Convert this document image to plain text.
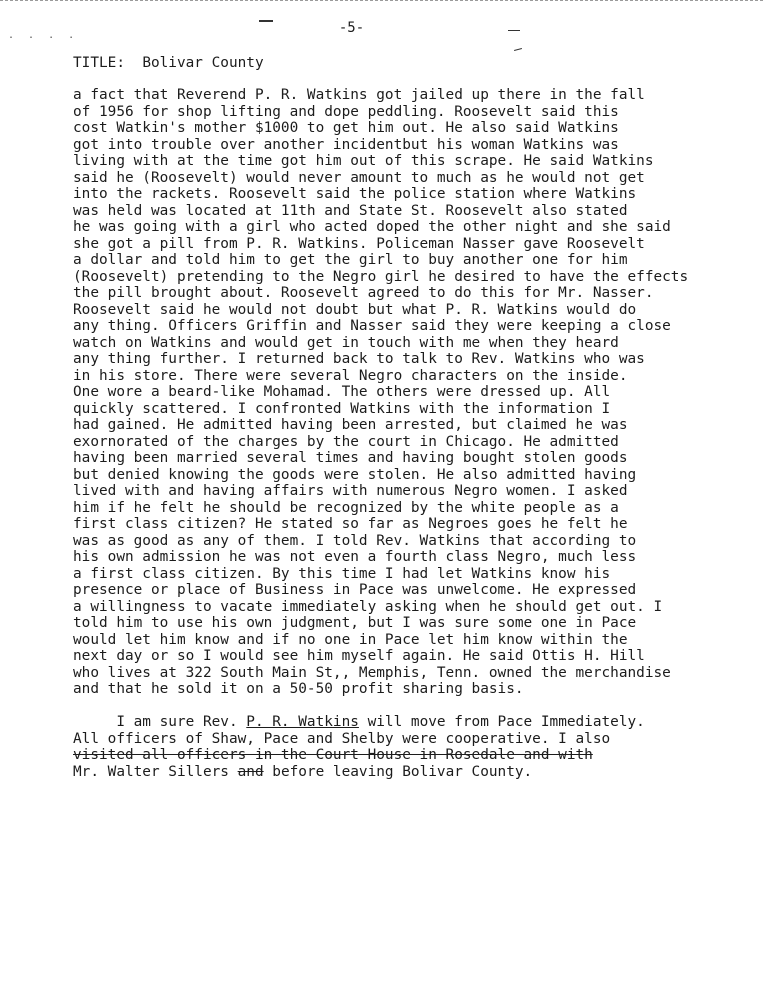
. . . .	-5-
TITLE: Bolivar County
a fact that Reverend P. R. Watkins got jailed up there in the fall
of 1956 for shop lifting and dope peddling. Roosevelt said this
cost Watkin's mother $1000 to get him out. He also said Watkins
got into trouble over another incidentbut his woman Watkins was
living with at the time got him out of this scrape. He said Watkins
said he (Roosevelt) would never amount to much as he would not get
into the rackets. Roosevelt said the police station where Watkins
was held was located at 11th and State St. Roosevelt also stated
he was going with a girl who acted doped the other night and she said
she got a pill from P. R. Watkins. Policeman Nasser gave Roosevelt
a dollar and told him to get the girl to buy another one for him
(Roosevelt) pretending to the Negro girl he desired to have the effects
the pill brought about. Roosevelt agreed to do this for Mr. Nasser.
Roosevelt said he would not doubt but what P. R. Watkins would do
any thing. Officers Griffin and Nasser said they were keeping a close
watch on Watkins and would get in touch with me when they heard
any thing further. I returned back to talk to Rev. Watkins who was
in his store. There were several Negro characters on the inside.
One wore a beard-like Mohamad. The others were dressed up. All
quickly scattered. I confronted Watkins with the information I
had gained. He admitted having been arrested, but claimed he was
exornorated of the charges by the court in Chicago. He admitted
having been married several times and having bought stolen goods
but denied knowing the goods were stolen. He also admitted having
lived with and having affairs with numerous Negro women. I asked
him if he felt he should be recognized by the white people as a
first class citizen? He stated so far as Negroes goes he felt he
was as good as any of them. I told Rev. Watkins that according to
his own admission he was not even a fourth class Negro, much less
a first class citizen. By this time I had let Watkins know his
presence or place of Business in Pace was unwelcome. He expressed
a willingness to vacate immediately asking when he should get out. I
told him to use his own judgment, but I was sure some one in Pace
would let him know and if no one in Pace let him know within the
next day or so I would see him myself again. He said Ottis H. Hill
who lives at 322 South Main St,, Memphis, Tenn. owned the merchandise
and that he sold it on a 50-50 profit sharing basis.
I am sure Rev. P. R. Watkins will move from Pace Immediately.
All officers of Shaw, Pace and Shelby were cooperative. I also
visited all officers in the Court House in Rosedale and with
Mr. Walter Sillers and before leaving Bolivar County.
